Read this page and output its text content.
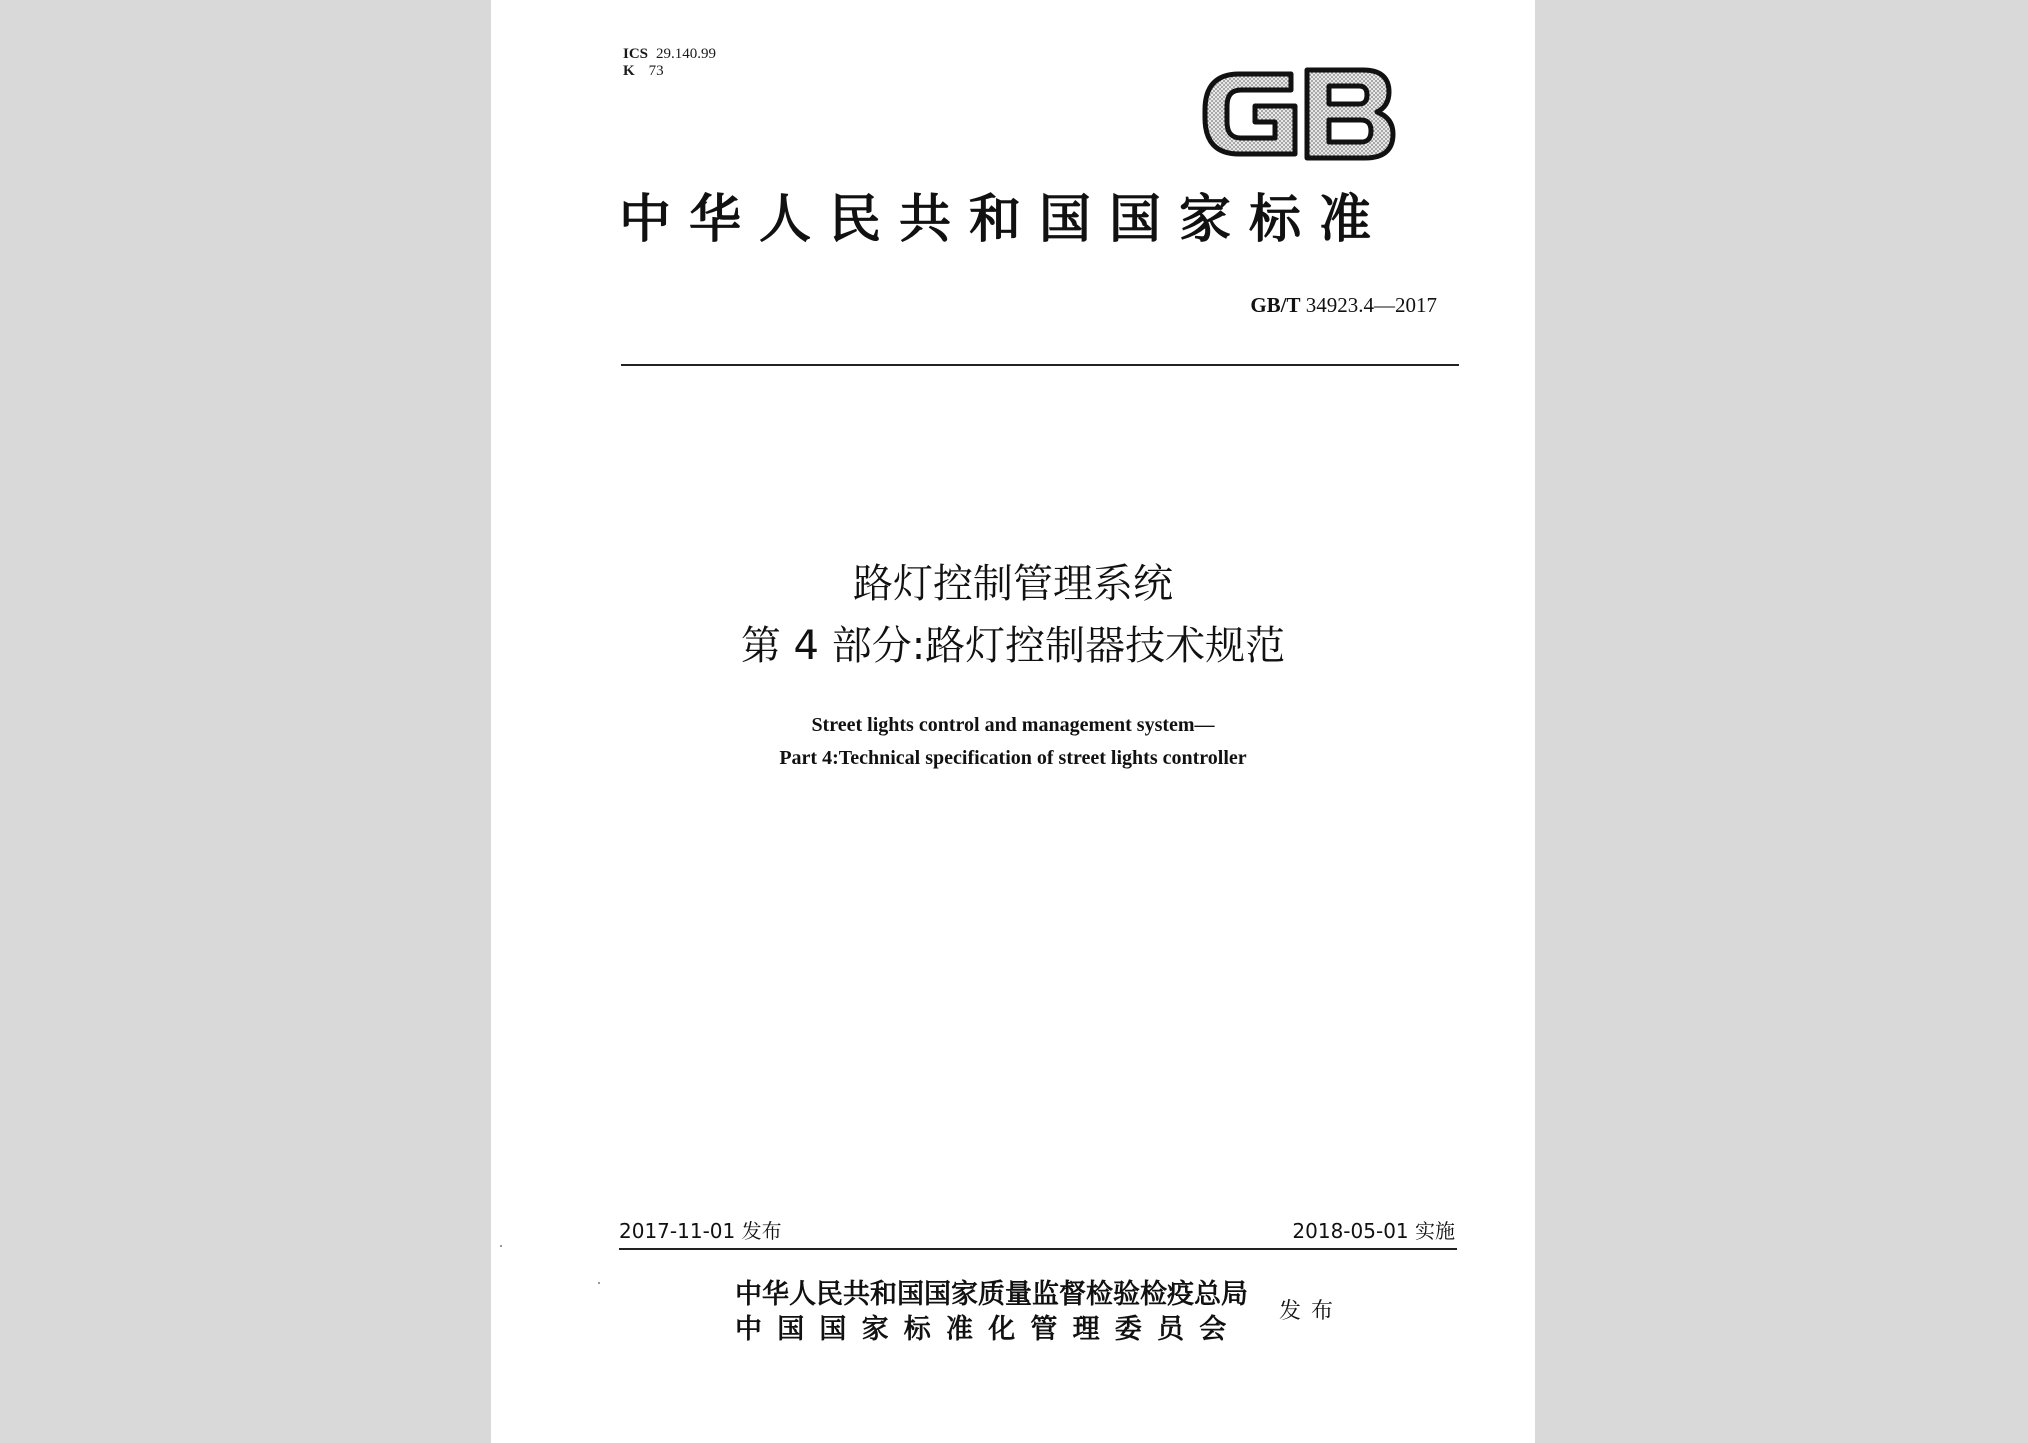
ICS 29.140.99
K 73
中华人民共和国国家标准
GB/T 34923.4—2017
路灯控制管理系统
第 4 部分:路灯控制器技术规范
Street lights control and management system—
Part 4:Technical specification of street lights controller
2017-11-01 发布	2018-05-01 实施
中华人民共和国国家质量监督检验检疫总局
中国国家标准化管理委员会
发布
